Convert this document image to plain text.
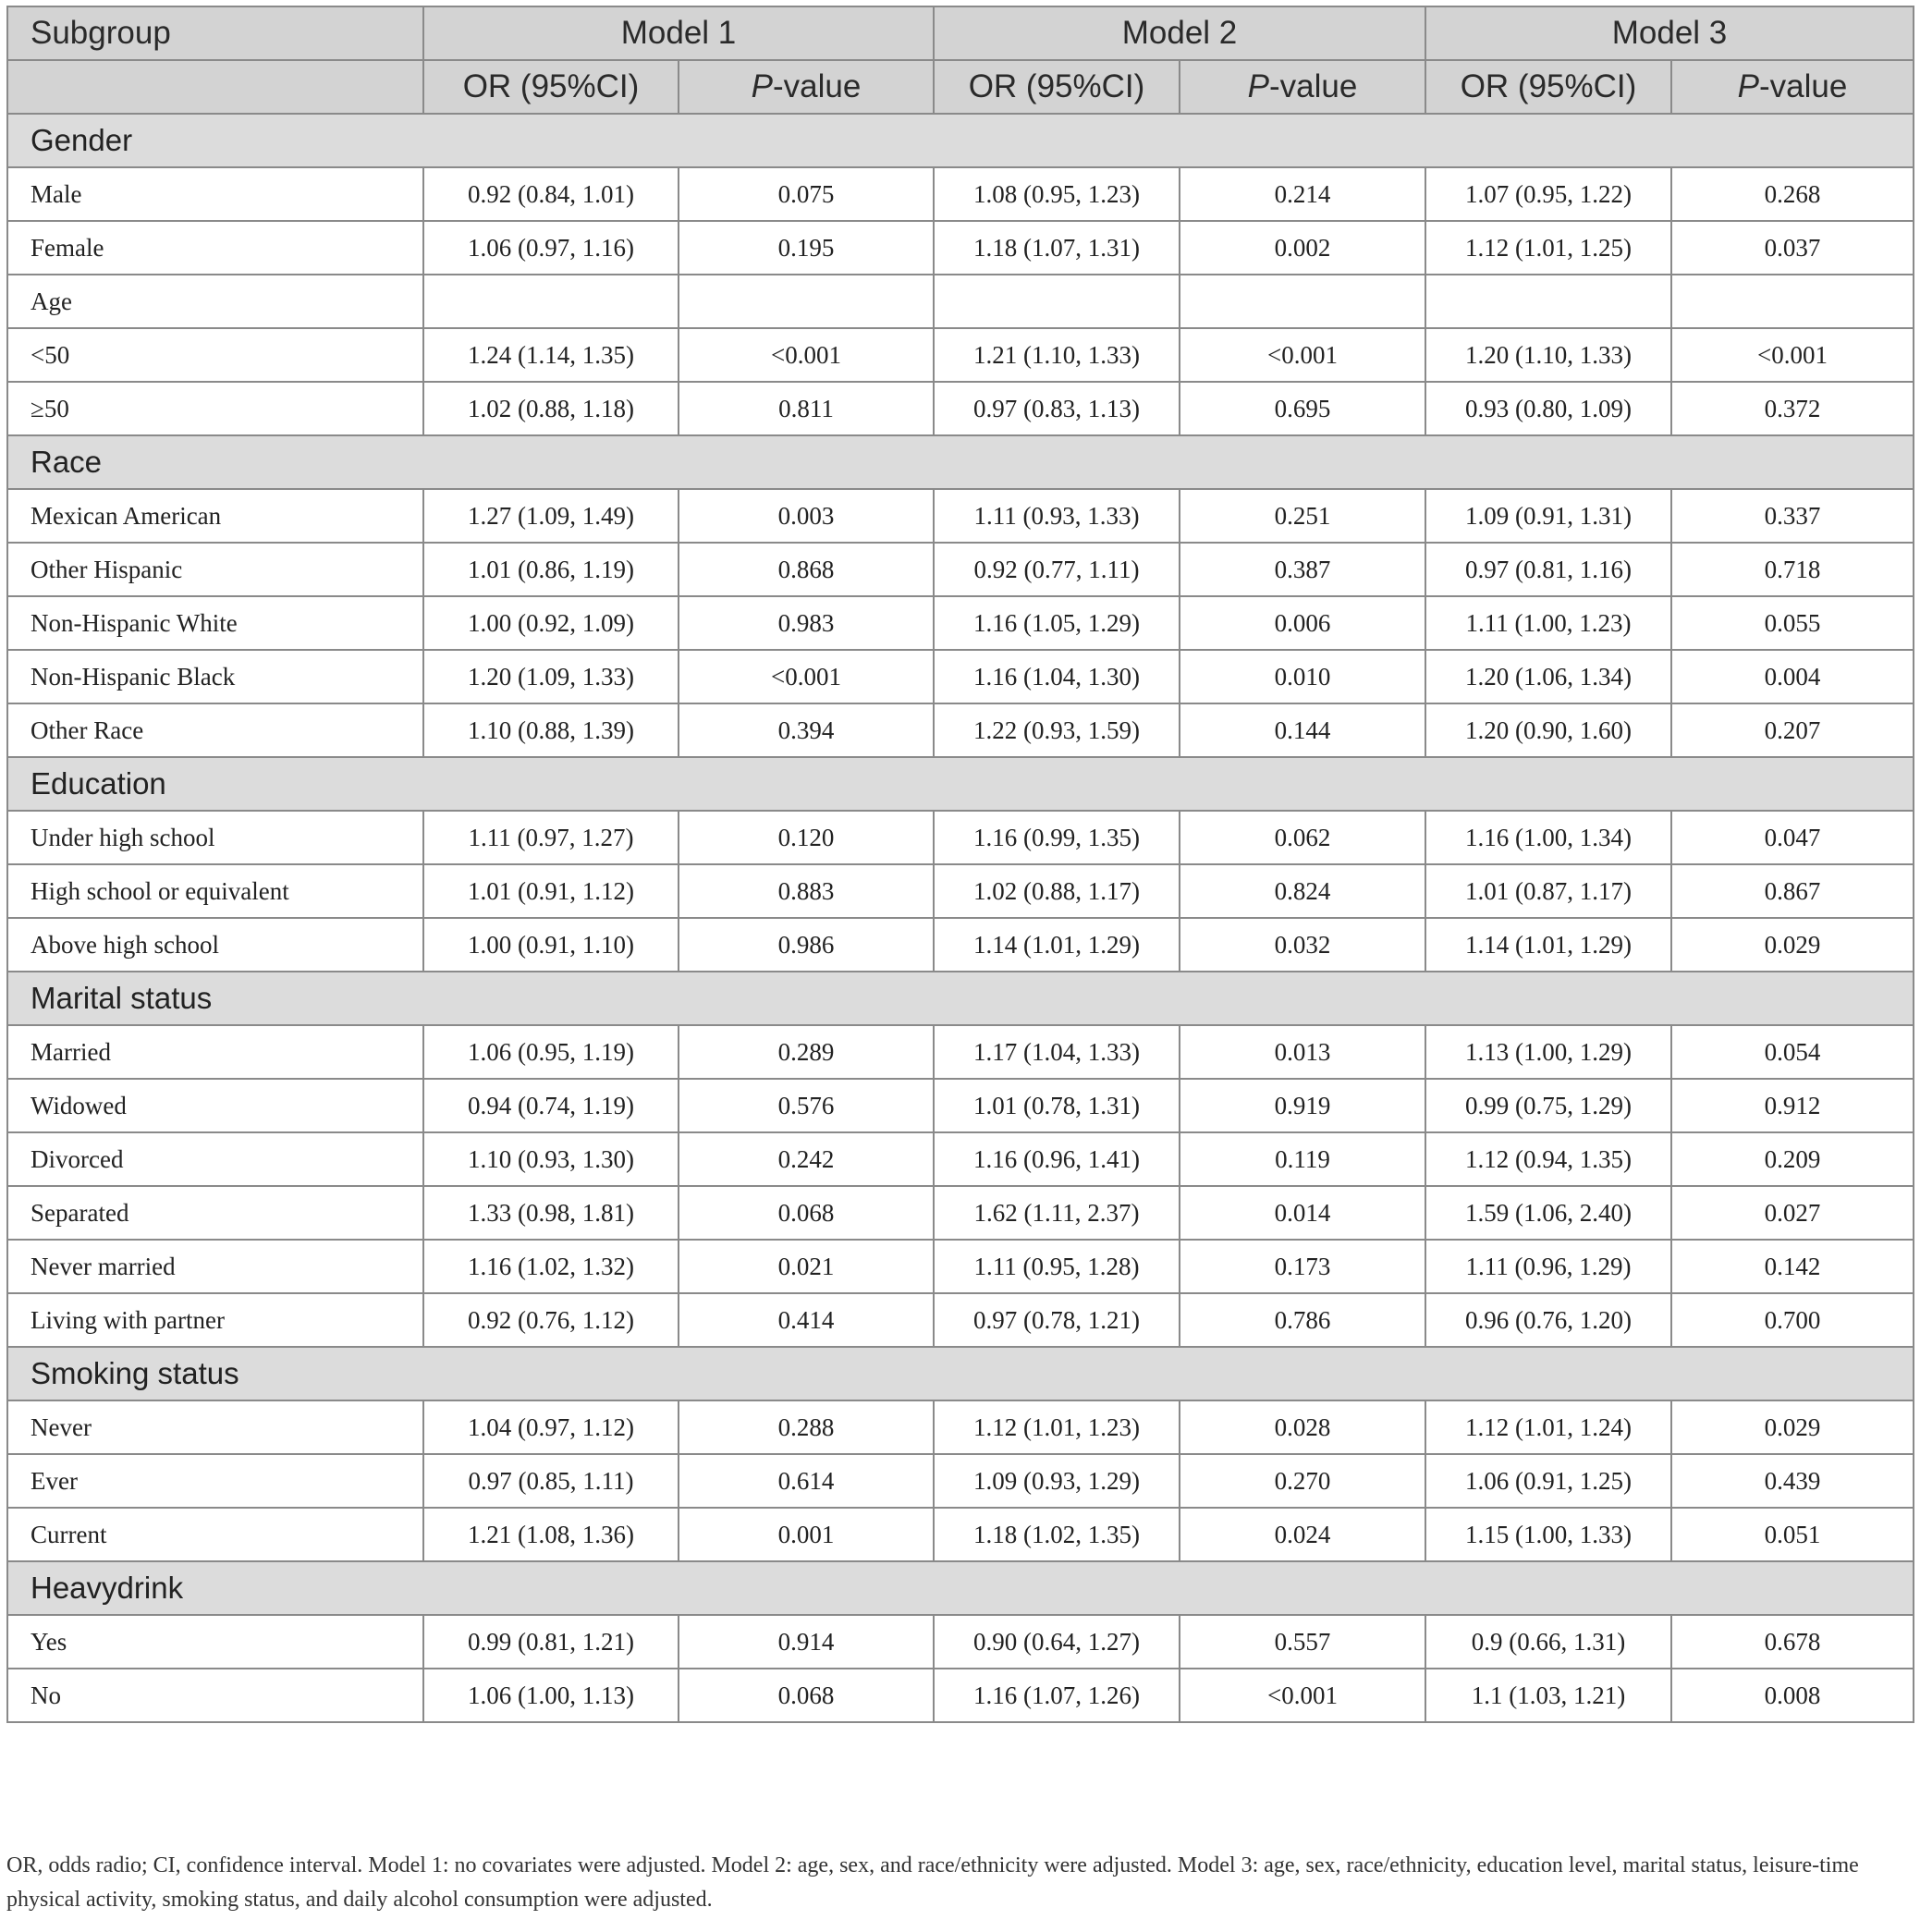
Subgroup	Model 1		Model 2		Model 3	
	OR (95%CI)	P-value	OR (95%CI)	P-value	OR (95%CI)	P-value
Gender						
Male	0.92 (0.84, 1.01)	0.075	1.08 (0.95, 1.23)	0.214	1.07 (0.95, 1.22)	0.268
Female	1.06 (0.97, 1.16)	0.195	1.18 (1.07, 1.31)	0.002	1.12 (1.01, 1.25)	0.037
Age						
<50	1.24 (1.14, 1.35)	<0.001	1.21 (1.10, 1.33)	<0.001	1.20 (1.10, 1.33)	<0.001
≥50	1.02 (0.88, 1.18)	0.811	0.97 (0.83, 1.13)	0.695	0.93 (0.80, 1.09)	0.372
Race						
Mexican American	1.27 (1.09, 1.49)	0.003	1.11 (0.93, 1.33)	0.251	1.09 (0.91, 1.31)	0.337
Other Hispanic	1.01 (0.86, 1.19)	0.868	0.92 (0.77, 1.11)	0.387	0.97 (0.81, 1.16)	0.718
Non-Hispanic White	1.00 (0.92, 1.09)	0.983	1.16 (1.05, 1.29)	0.006	1.11 (1.00, 1.23)	0.055
Non-Hispanic Black	1.20 (1.09, 1.33)	<0.001	1.16 (1.04, 1.30)	0.010	1.20 (1.06, 1.34)	0.004
Other Race	1.10 (0.88, 1.39)	0.394	1.22 (0.93, 1.59)	0.144	1.20 (0.90, 1.60)	0.207
Education						
Under high school	1.11 (0.97, 1.27)	0.120	1.16 (0.99, 1.35)	0.062	1.16 (1.00, 1.34)	0.047
High school or equivalent	1.01 (0.91, 1.12)	0.883	1.02 (0.88, 1.17)	0.824	1.01 (0.87, 1.17)	0.867
Above high school	1.00 (0.91, 1.10)	0.986	1.14 (1.01, 1.29)	0.032	1.14 (1.01, 1.29)	0.029
Marital status						
Married	1.06 (0.95, 1.19)	0.289	1.17 (1.04, 1.33)	0.013	1.13 (1.00, 1.29)	0.054
Widowed	0.94 (0.74, 1.19)	0.576	1.01 (0.78, 1.31)	0.919	0.99 (0.75, 1.29)	0.912
Divorced	1.10 (0.93, 1.30)	0.242	1.16 (0.96, 1.41)	0.119	1.12 (0.94, 1.35)	0.209
Separated	1.33 (0.98, 1.81)	0.068	1.62 (1.11, 2.37)	0.014	1.59 (1.06, 2.40)	0.027
Never married	1.16 (1.02, 1.32)	0.021	1.11 (0.95, 1.28)	0.173	1.11 (0.96, 1.29)	0.142
Living with partner	0.92 (0.76, 1.12)	0.414	0.97 (0.78, 1.21)	0.786	0.96 (0.76, 1.20)	0.700
Smoking status						
Never	1.04 (0.97, 1.12)	0.288	1.12 (1.01, 1.23)	0.028	1.12 (1.01, 1.24)	0.029
Ever	0.97 (0.85, 1.11)	0.614	1.09 (0.93, 1.29)	0.270	1.06 (0.91, 1.25)	0.439
Current	1.21 (1.08, 1.36)	0.001	1.18 (1.02, 1.35)	0.024	1.15 (1.00, 1.33)	0.051
Heavydrink						
Yes	0.99 (0.81, 1.21)	0.914	0.90 (0.64, 1.27)	0.557	0.9 (0.66, 1.31)	0.678
No	1.06 (1.00, 1.13)	0.068	1.16 (1.07, 1.26)	<0.001	1.1 (1.03, 1.21)	0.008
OR, odds radio; CI, confidence interval. Model 1: no covariates were adjusted. Model 2: age, sex, and race/ethnicity were adjusted. Model 3: age, sex, race/ethnicity, education level, marital status, leisure-time physical activity, smoking status, and daily alcohol consumption were adjusted.
